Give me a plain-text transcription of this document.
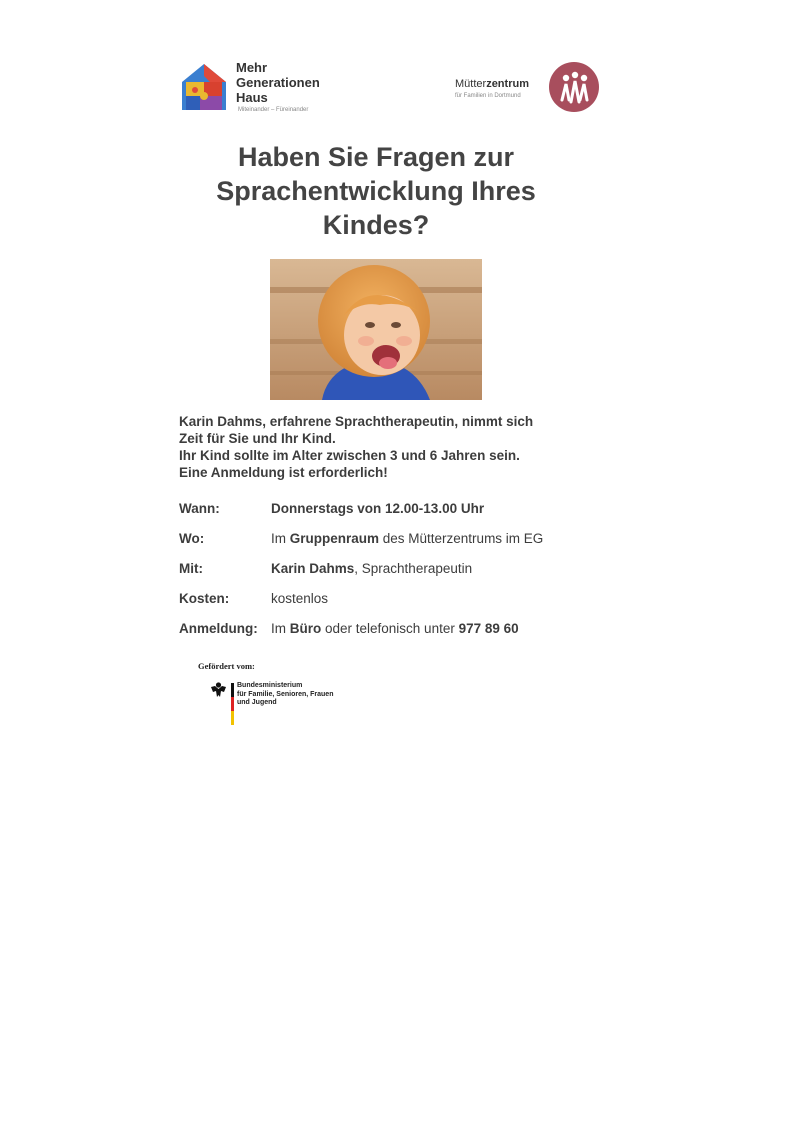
Mehr
Generationen
Haus
Miteinander – Füreinander
Mütterzentrum
für Familien in Dortmund
Haben Sie Fragen zur
Sprachentwicklung Ihres
Kindes?
Karin Dahms, erfahrene Sprachtherapeutin, nimmt sich
Zeit für Sie und Ihr Kind.
Ihr Kind sollte im Alter zwischen 3 und 6 Jahren sein.
Eine Anmeldung ist erforderlich!
Wann:	Donnerstags von 12.00-13.00 Uhr
Wo:	Im Gruppenraum des Mütterzentrums im EG
Mit:	Karin Dahms, Sprachtherapeutin
Kosten:	kostenlos
Anmeldung: Im Büro oder telefonisch unter 977 89 60
Gefördert vom:
Bundesministerium
für Familie, Senioren, Frauen
und Jugend
